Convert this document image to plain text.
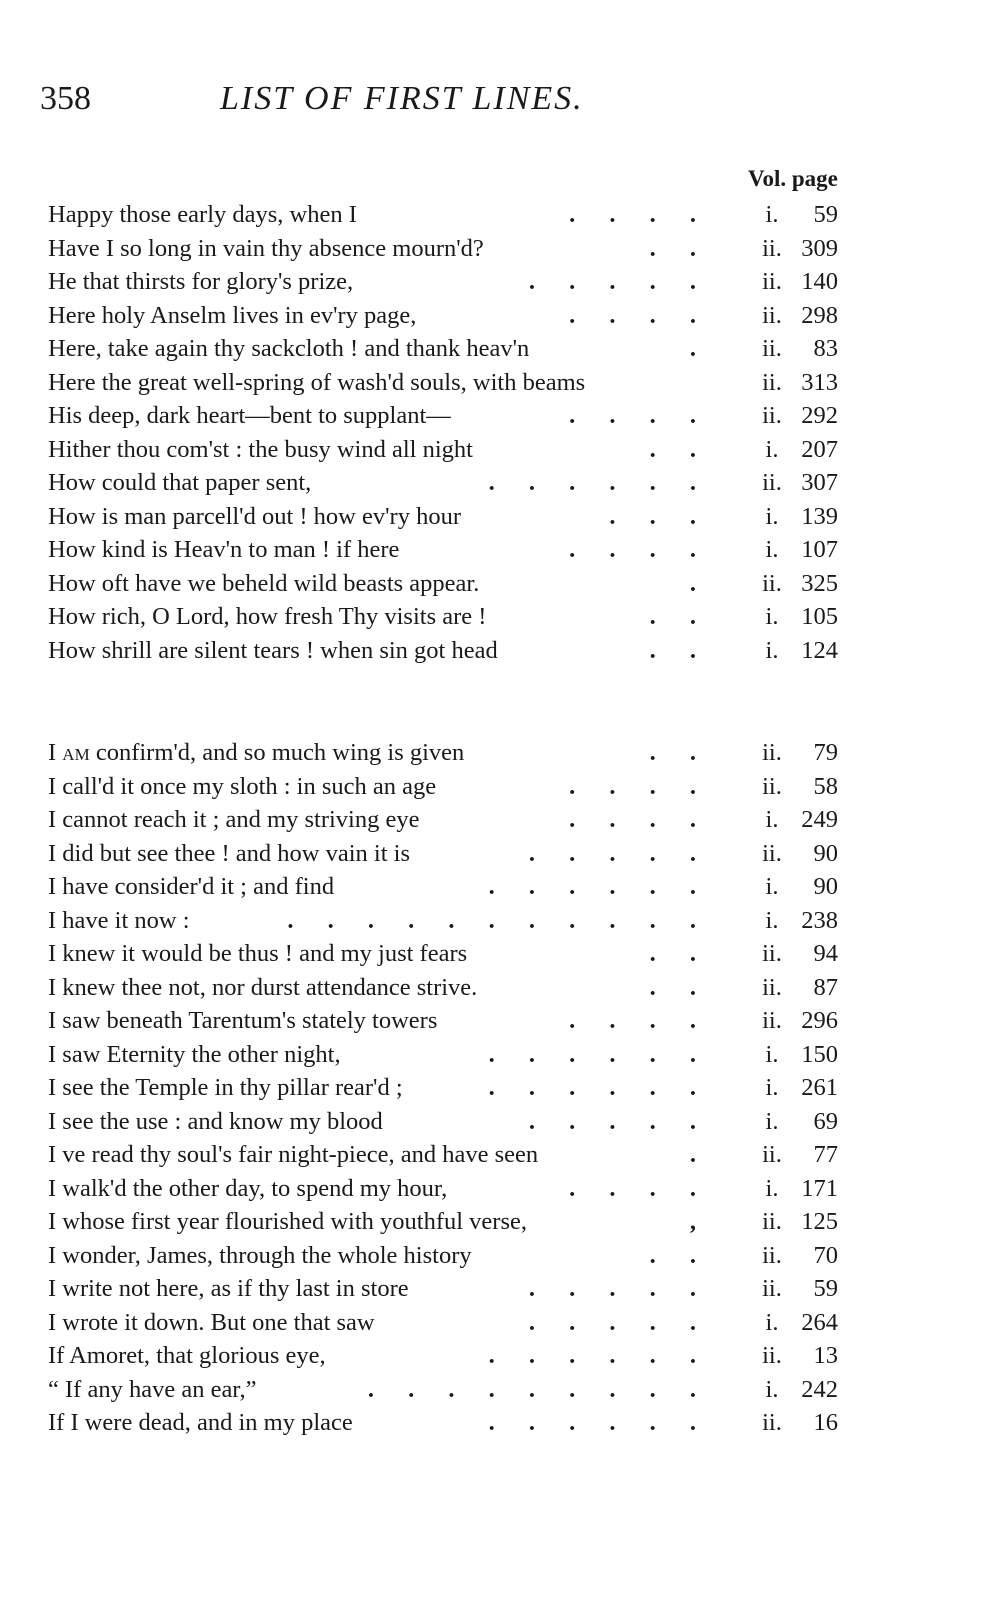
358	LIST OF FIRST LINES.
Vol. page
Happy those early days, when I	. . . .	i.	59
Have I so long in vain thy absence mourn'd?	. .	ii. 309
He that thirsts for glory's prize,	. . . . .	ii. 140
Here holy Anselm lives in ev'ry page,	. . . .	ii. 298
Here, take again thy sackcloth ! and thank heav'n	.	ii.	83
Here the great well-spring of wash'd souls, with beams	ii. 313
His deep, dark heart—bent to supplant—	. . . .	ii. 292
Hither thou com'st : the busy wind all night	. .	i. 207
How could that paper sent,	. . . . . .	ii. 307
How is man parcell'd out ! how ev'ry hour	. . .	i. 139
How kind is Heav'n to man ! if here	. . . .	i. 107
How oft have we beheld wild beasts appear.	.	ii. 325
How rich, O Lord, how fresh Thy visits are !	. .	i. 105
How shrill are silent tears ! when sin got head	. .	i. 124
I am confirm'd, and so much wing is given	. .	ii.	79
I call'd it once my sloth : in such an age	. . . .	ii.	58
I cannot reach it ; and my striving eye	. . . .	i. 249
I did but see thee ! and how vain it is	. . . . .	ii.	90
I have consider'd it ; and find	. . . . . .	i.	90
I have it now :	. . . . . . . . . . .	i. 238
I knew it would be thus ! and my just fears	. .	ii.	94
I knew thee not, nor durst attendance strive.	. .	ii.	87
I saw beneath Tarentum's stately towers	. . . .	ii. 296
I saw Eternity the other night,	. . . . . .	i. 150
I see the Temple in thy pillar rear'd ;	. . . . . .	i. 261
I see the use : and know my blood	. . . . .	i.	69
I ve read thy soul's fair night-piece, and have seen	.	ii.	77
I walk'd the other day, to spend my hour,	. . . .	i. 171
I whose first year flourished with youthful verse,	,	ii. 125
I wonder, James, through the whole history	. .	ii.	70
I write not here, as if thy last in store	. . . . .	ii.	59
I wrote it down. But one that saw	. . . . .	i. 264
If Amoret, that glorious eye,	. . . . . .	ii.	13
“ If any have an ear,”	. . . . . . . . .	i. 242
If I were dead, and in my place	. . . . . .	ii.	16
